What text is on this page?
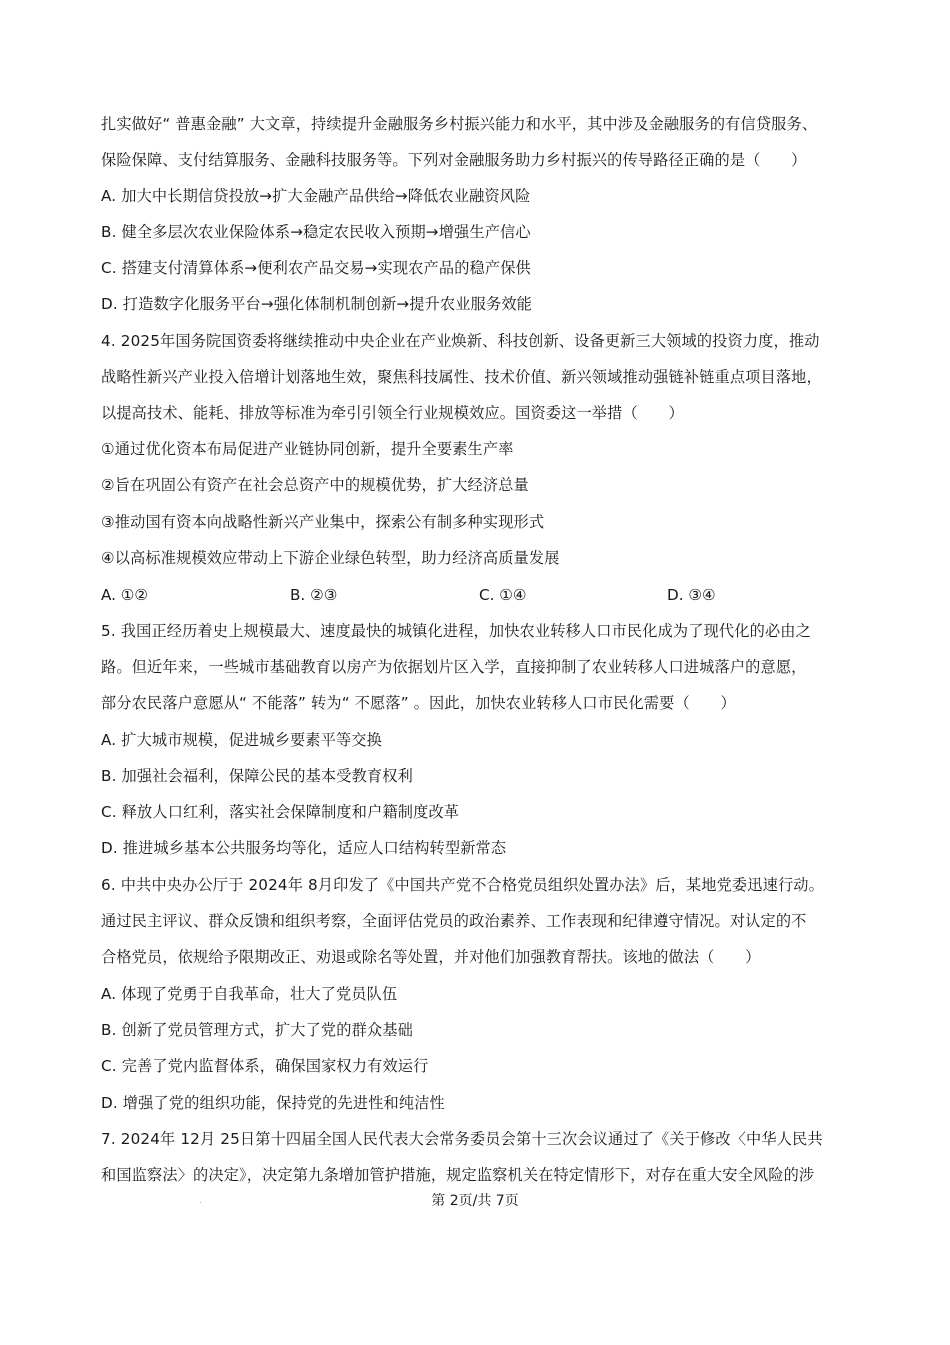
扎实做好“ 普惠金融” 大文章，持续提升金融服务乡村振兴能力和水平，其中涉及金融服务的有信贷服务、
保险保障、支付结算服务、金融科技服务等。下列对金融服务助力乡村振兴的传导路径正确的是（　　）
A. 加大中长期信贷投放→扩大金融产品供给→降低农业融资风险
B. 健全多层次农业保险体系→稳定农民收入预期→增强生产信心
C. 搭建支付清算体系→便利农产品交易→实现农产品的稳产保供
D. 打造数字化服务平台→强化体制机制创新→提升农业服务效能
4. 2025年国务院国资委将继续推动中央企业在产业焕新、科技创新、设备更新三大领域的投资力度，推动
战略性新兴产业投入倍增计划落地生效，聚焦科技属性、技术价值、新兴领域推动强链补链重点项目落地，
以提高技术、能耗、排放等标准为牵引引领全行业规模效应。国资委这一举措（　　）
①通过优化资本布局促进产业链协同创新，提升全要素生产率
②旨在巩固公有资产在社会总资产中的规模优势，扩大经济总量
③推动国有资本向战略性新兴产业集中，探索公有制多种实现形式
④以高标准规模效应带动上下游企业绿色转型，助力经济高质量发展
A. ①②	B. ②③	C. ①④	D. ③④
5. 我国正经历着史上规模最大、速度最快的城镇化进程，加快农业转移人口市民化成为了现代化的必由之
路。但近年来，一些城市基础教育以房产为依据划片区入学，直接抑制了农业转移人口进城落户的意愿，
部分农民落户意愿从“ 不能落” 转为“ 不愿落” 。因此，加快农业转移人口市民化需要（　　）
A. 扩大城市规模，促进城乡要素平等交换
B. 加强社会福利，保障公民的基本受教育权利
C. 释放人口红利，落实社会保障制度和户籍制度改革
D. 推进城乡基本公共服务均等化，适应人口结构转型新常态
6. 中共中央办公厅于 2024年 8月印发了《中国共产党不合格党员组织处置办法》后，某地党委迅速行动。
通过民主评议、群众反馈和组织考察，全面评估党员的政治素养、工作表现和纪律遵守情况。对认定的不
合格党员，依规给予限期改正、劝退或除名等处置，并对他们加强教育帮扶。该地的做法（　　）
A. 体现了党勇于自我革命，壮大了党员队伍
B. 创新了党员管理方式，扩大了党的群众基础
C. 完善了党内监督体系，确保国家权力有效运行
D. 增强了党的组织功能，保持党的先进性和纯洁性
7. 2024年 12月 25日第十四届全国人民代表大会常务委员会第十三次会议通过了《关于修改〈中华人民共
和国监察法〉的决定》，决定第九条增加管护措施，规定监察机关在特定情形下，对存在重大安全风险的涉
.	第 2页/共 7页
